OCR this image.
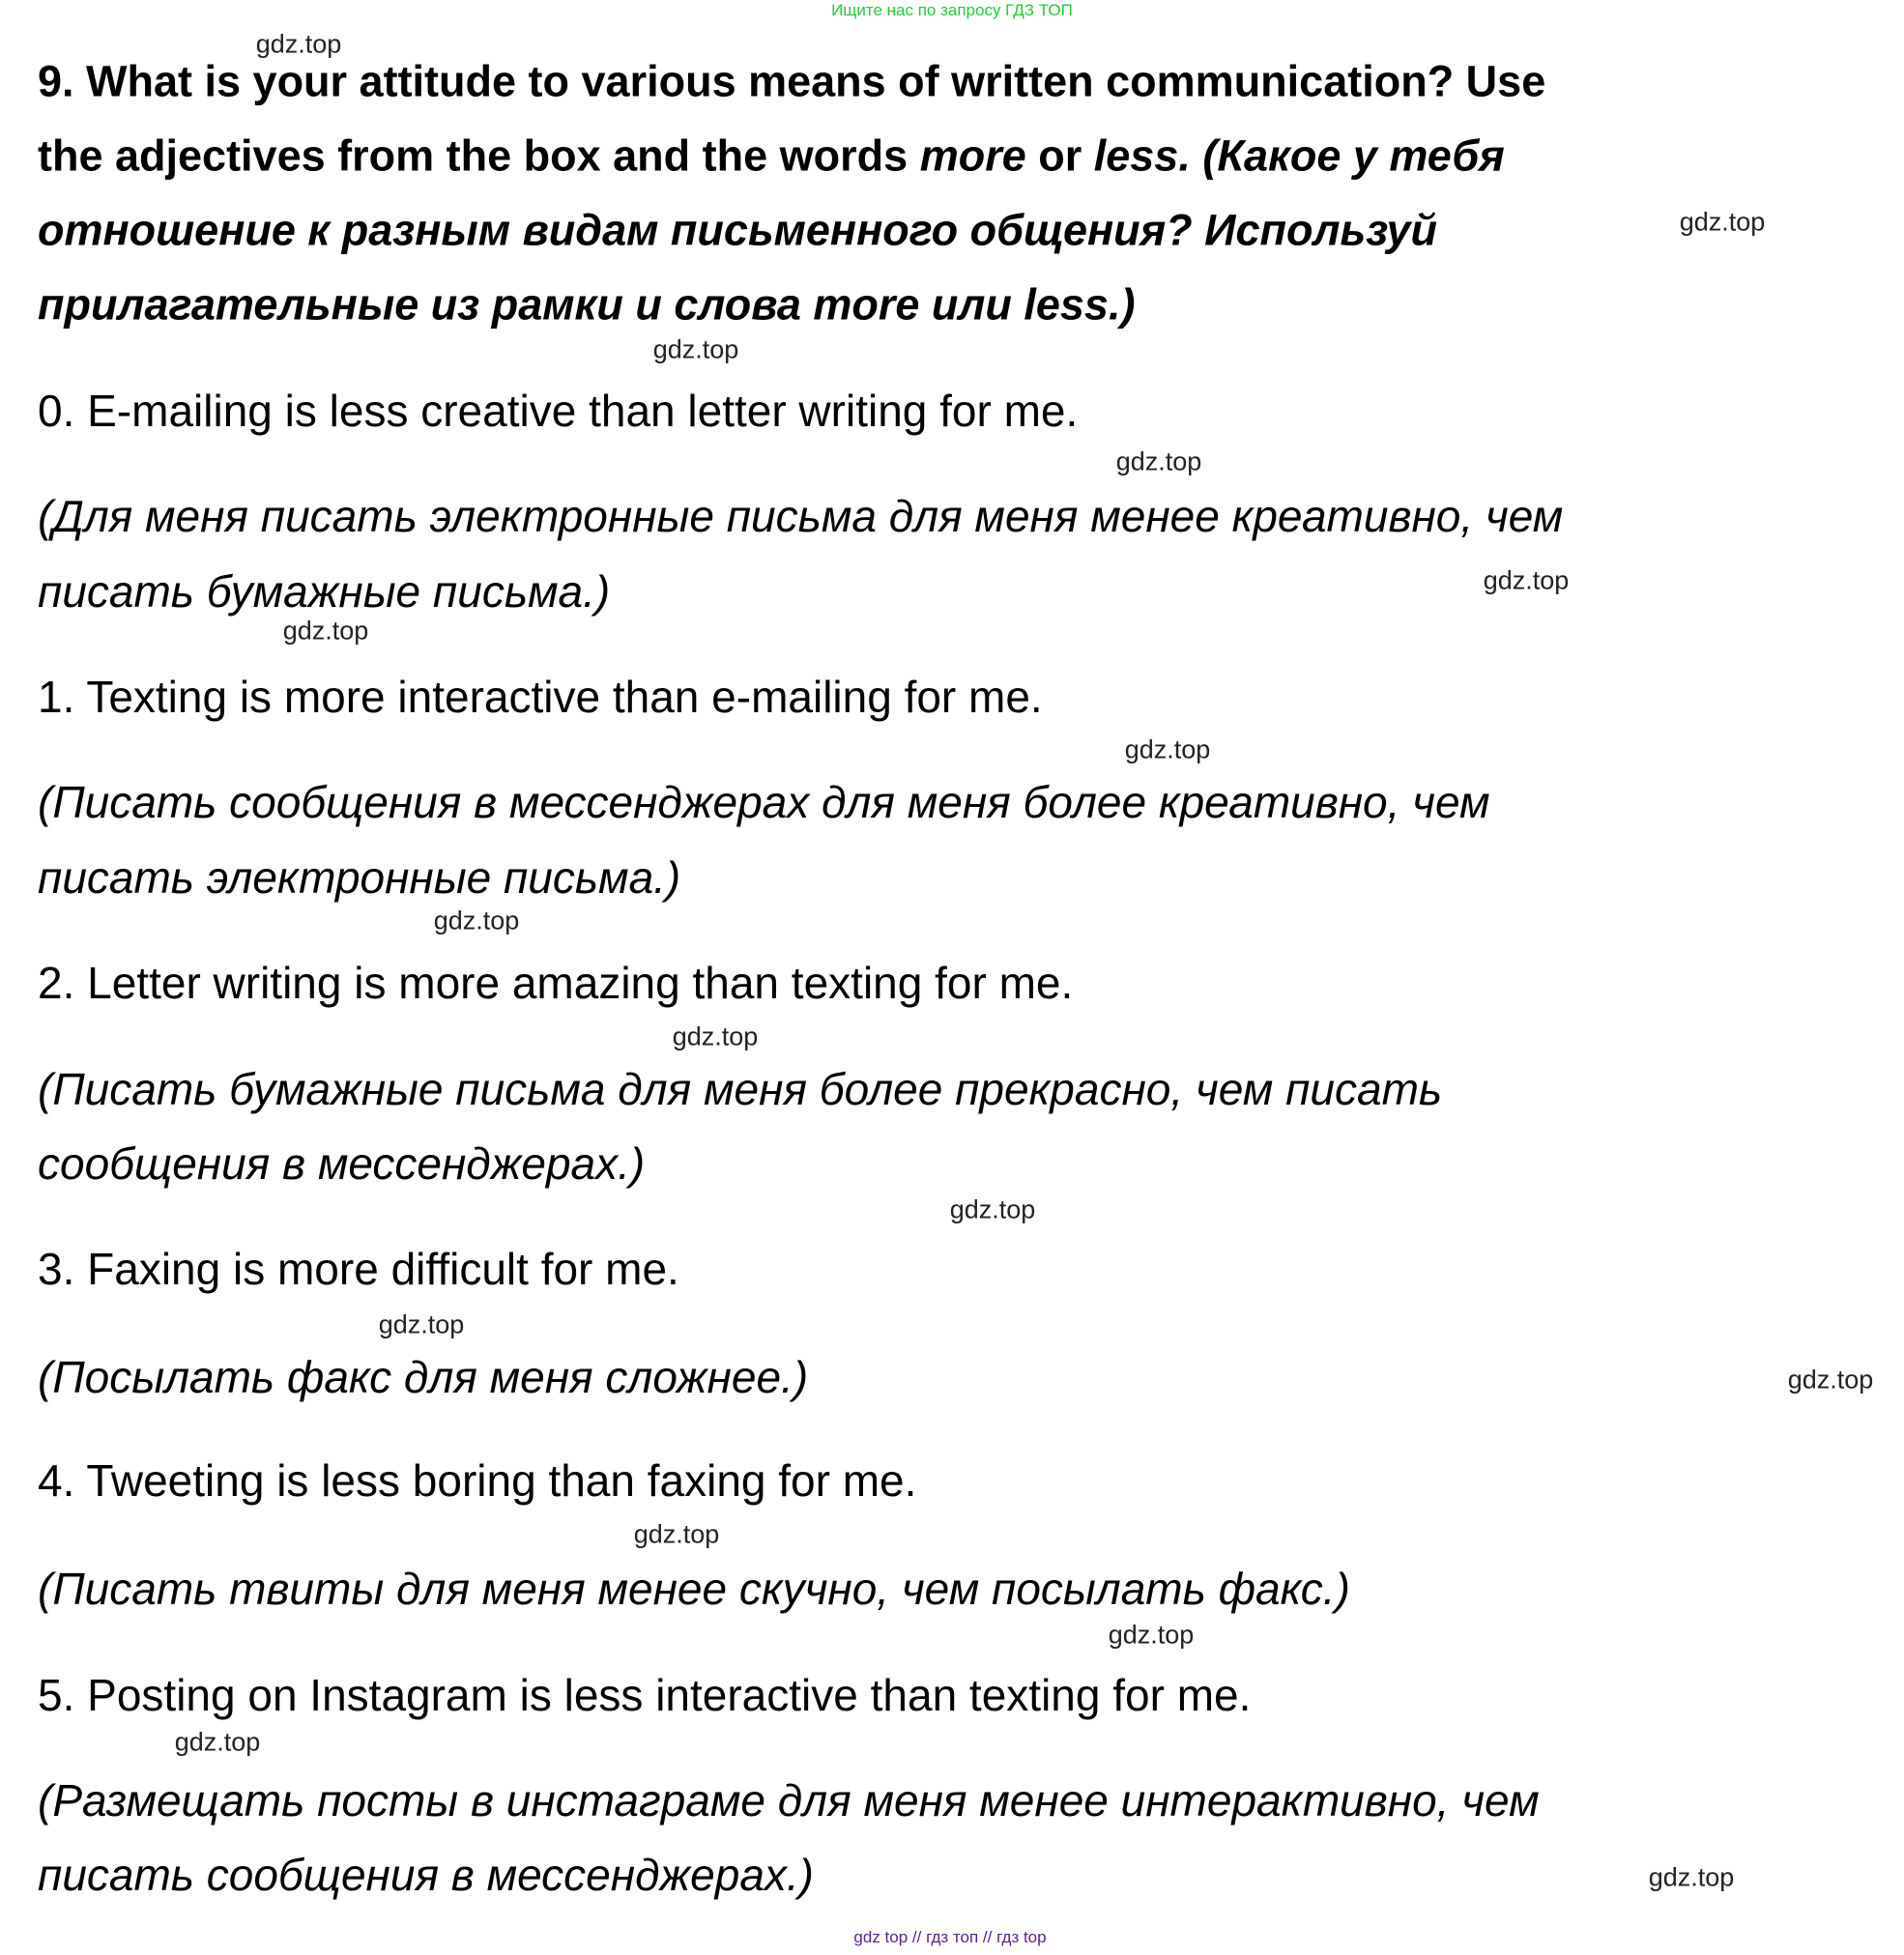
Ищите нас по запросу ГДЗ ТОП
9. What is your attitude to various means of written communication? Use
the adjectives from the box and the words more or less. (Какое у тебя
отношение к разным видам письменного общения? Используй
прилагательные из рамки и слова more или less.)
0. E-mailing is less creative than letter writing for me.
(Для меня писать электронные письма для меня менее креативно, чем
писать бумажные письма.)
1. Texting is more interactive than e-mailing for me.
(Писать сообщения в мессенджерах для меня более креативно, чем
писать электронные письма.)
2. Letter writing is more amazing than texting for me.
(Писать бумажные письма для меня более прекрасно, чем писать
сообщения в мессенджерах.)
3. Faxing is more difficult for me.
(Посылать факс для меня сложнее.)
4. Tweeting is less boring than faxing for me.
(Писать твиты для меня менее скучно, чем посылать факс.)
5. Posting on Instagram is less interactive than texting for me.
(Размещать посты в инстаграме для меня менее интерактивно, чем
писать сообщения в мессенджерах.)
gdz.top
gdz.top
gdz.top
gdz.top
gdz.top
gdz.top
gdz.top
gdz.top
gdz.top
gdz.top
gdz.top
gdz.top
gdz.top
gdz.top
gdz.top
gdz.top
gdz top // гдз топ // гдз top
